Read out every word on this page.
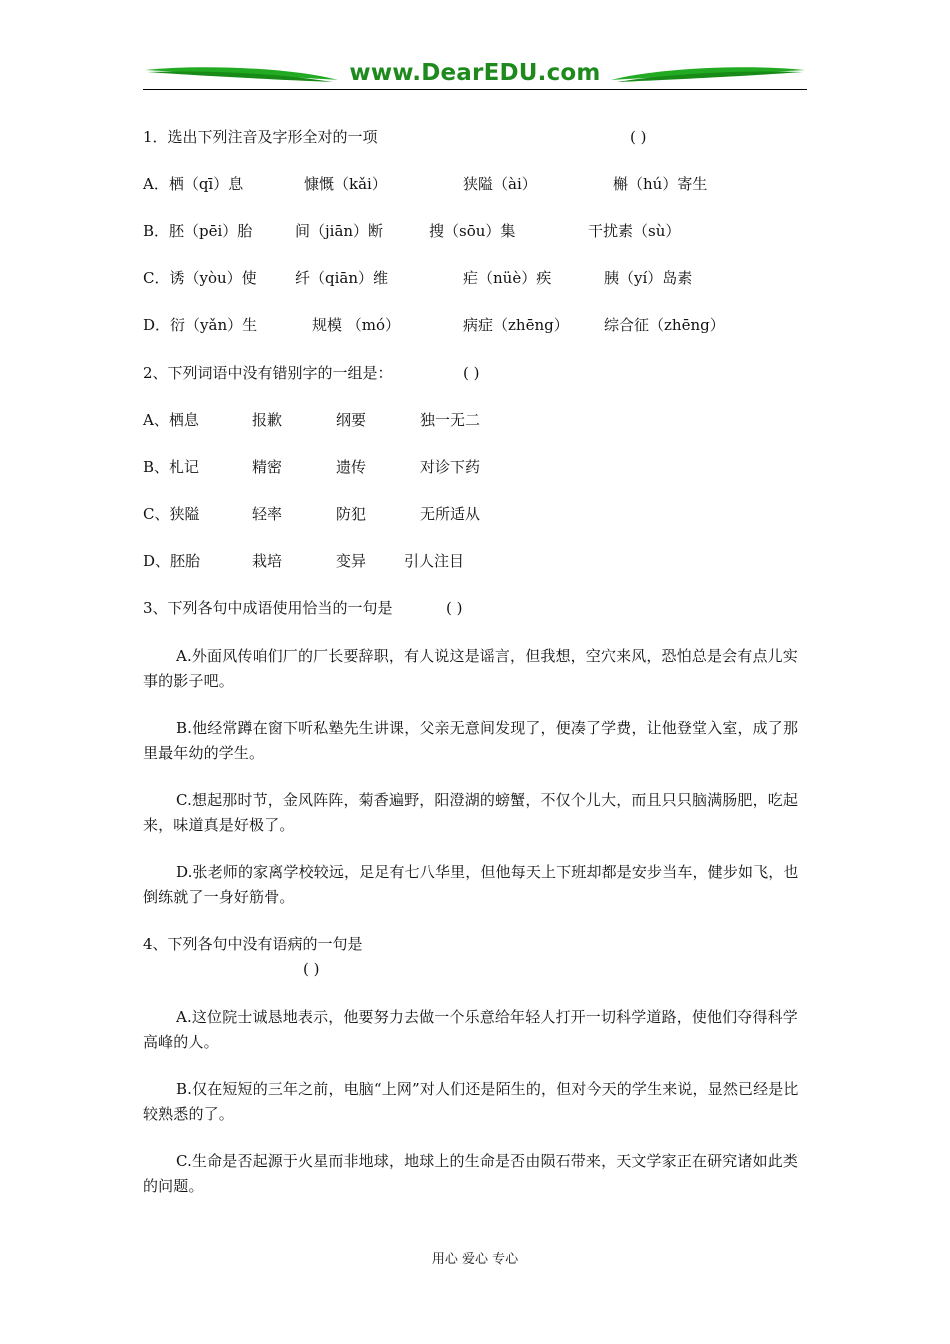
www.DearEDU.com
1．选出下列注音及字形全对的一项	( )
A．栖（qī）息	慷慨（kǎi）	狭隘（ài）	槲（hú）寄生
B．胚（pēi）胎	间（jiān）断	搜（sōu）集	干扰素（sù）
C．诱（yòu）使	纤（qiān）维	疟（nüè）疾	胰（yí）岛素
D．衍（yǎn）生	规模 （mó）	病症（zhēng） 综合征（zhēng）
2、下列词语中没有错别字的一组是：	( )
A、栖息	报歉	纲要	独一无二
B、札记	精密	遗传	对诊下药
C、狭隘	轻率	防犯	无所适从
D、胚胎	栽培	变异	引人注目
3、下列各句中成语使用恰当的一句是	( )
A.外面风传咱们厂的厂长要辞职，有人说这是谣言，但我想，空穴来风，恐怕总是会有点儿实事的影子吧。
B.他经常蹲在窗下听私塾先生讲课，父亲无意间发现了，便凑了学费，让他登堂入室，成了那里最年幼的学生。
C.想起那时节，金风阵阵，菊香遍野，阳澄湖的螃蟹，不仅个儿大，而且只只脑满肠肥，吃起来，味道真是好极了。
D.张老师的家离学校较远，足足有七八华里，但他每天上下班却都是安步当车，健步如飞，也倒练就了一身好筋骨。
4、下列各句中没有语病的一句是
( )
A.这位院士诚恳地表示，他要努力去做一个乐意给年轻人打开一切科学道路，使他们夺得科学高峰的人。
B.仅在短短的三年之前，电脑“上网”对人们还是陌生的，但对今天的学生来说，显然已经是比较熟悉的了。
C.生命是否起源于火星而非地球，地球上的生命是否由陨石带来，天文学家正在研究诸如此类的问题。
用心 爱心 专心
